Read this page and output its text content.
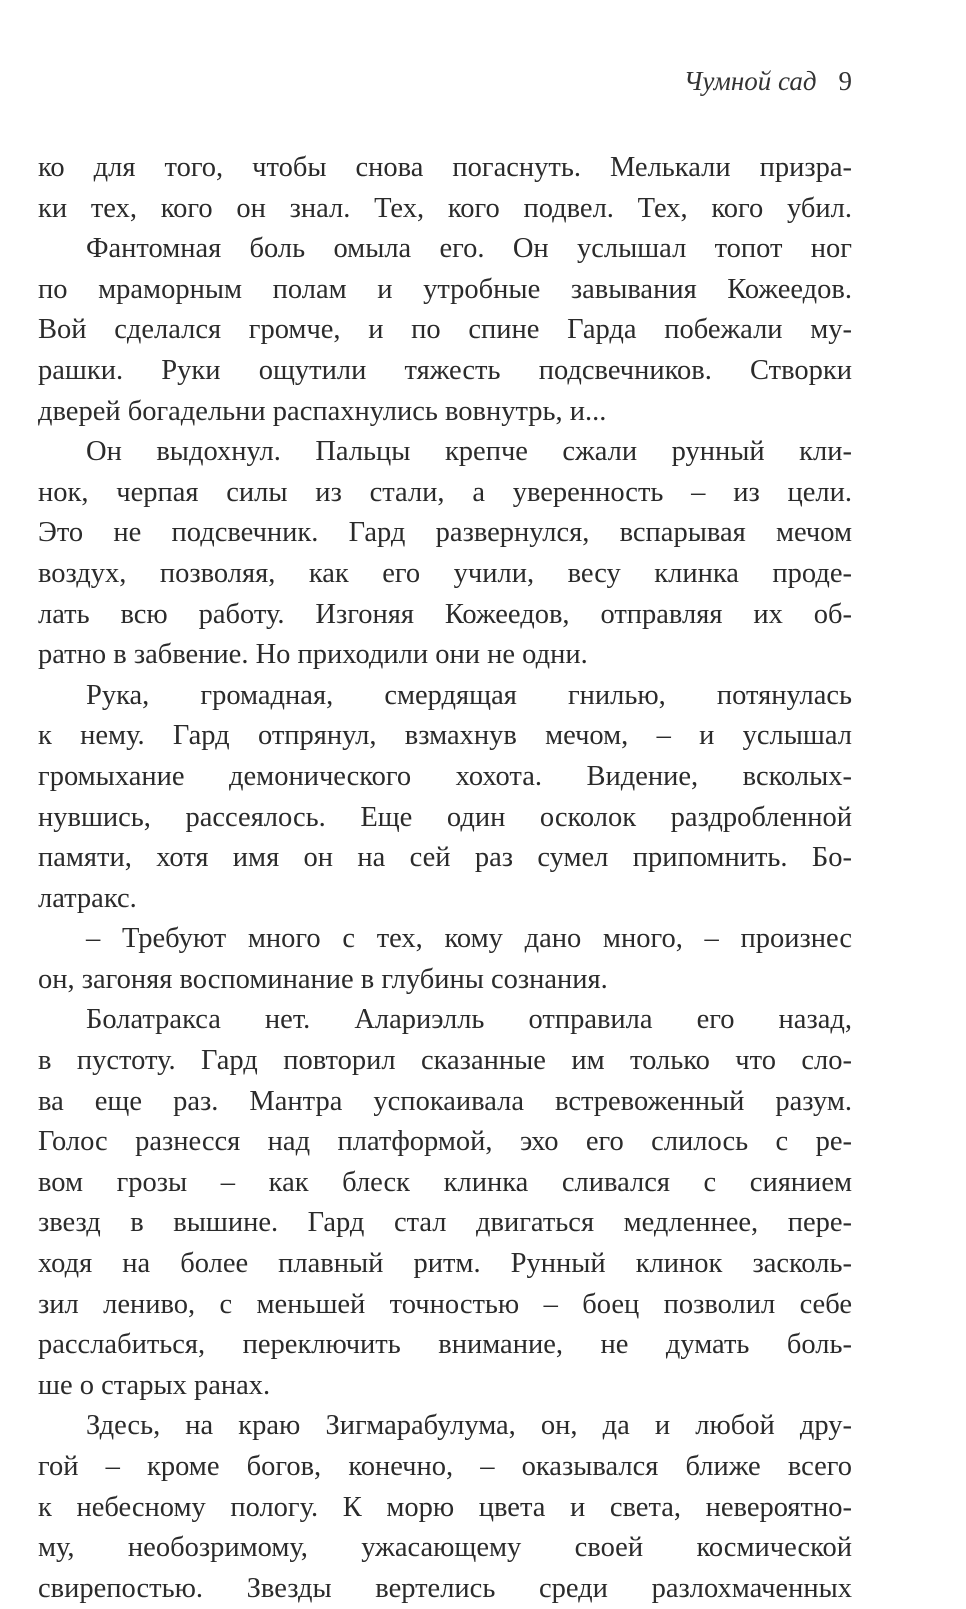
Чумной сад 9
ко для того, чтобы снова погаснуть. Мелькали призра-
ки тех, кого он знал. Тех, кого подвел. Тех, кого убил.
Фантомная боль омыла его. Он услышал топот ног
по мраморным полам и утробные завывания Кожеедов.
Вой сделался громче, и по спине Гарда побежали му-
рашки. Руки ощутили тяжесть подсвечников. Створки
дверей богадельни распахнулись вовнутрь, и...
Он выдохнул. Пальцы крепче сжали рунный кли-
нок, черпая силы из стали, а уверенность – из цели.
Это не подсвечник. Гард развернулся, вспарывая мечом
воздух, позволяя, как его учили, весу клинка проде-
лать всю работу. Изгоняя Кожеедов, отправляя их об-
ратно в забвение. Но приходили они не одни.
Рука, громадная, смердящая гнилью, потянулась
к нему. Гард отпрянул, взмахнув мечом, – и услышал
громыхание демонического хохота. Видение, всколых-
нувшись, рассеялось. Еще один осколок раздробленной
памяти, хотя имя он на сей раз сумел припомнить. Бо-
латракс.
– Требуют много с тех, кому дано много, – произнес
он, загоняя воспоминание в глубины сознания.
Болатракса нет. Алариэлль отправила его назад,
в пустоту. Гард повторил сказанные им только что сло-
ва еще раз. Мантра успокаивала встревоженный разум.
Голос разнесся над платформой, эхо его слилось с ре-
вом грозы – как блеск клинка сливался с сиянием
звезд в вышине. Гард стал двигаться медленнее, пере-
ходя на более плавный ритм. Рунный клинок засколь-
зил лениво, с меньшей точностью – боец позволил себе
расслабиться, переключить внимание, не думать боль-
ше о старых ранах.
Здесь, на краю Зигмарабулума, он, да и любой дру-
гой – кроме богов, конечно, – оказывался ближе всего
к небесному пологу. К морю цвета и света, невероятно-
му, необозримому, ужасающему своей космической
свирепостью. Звезды вертелись среди разлохмаченных
